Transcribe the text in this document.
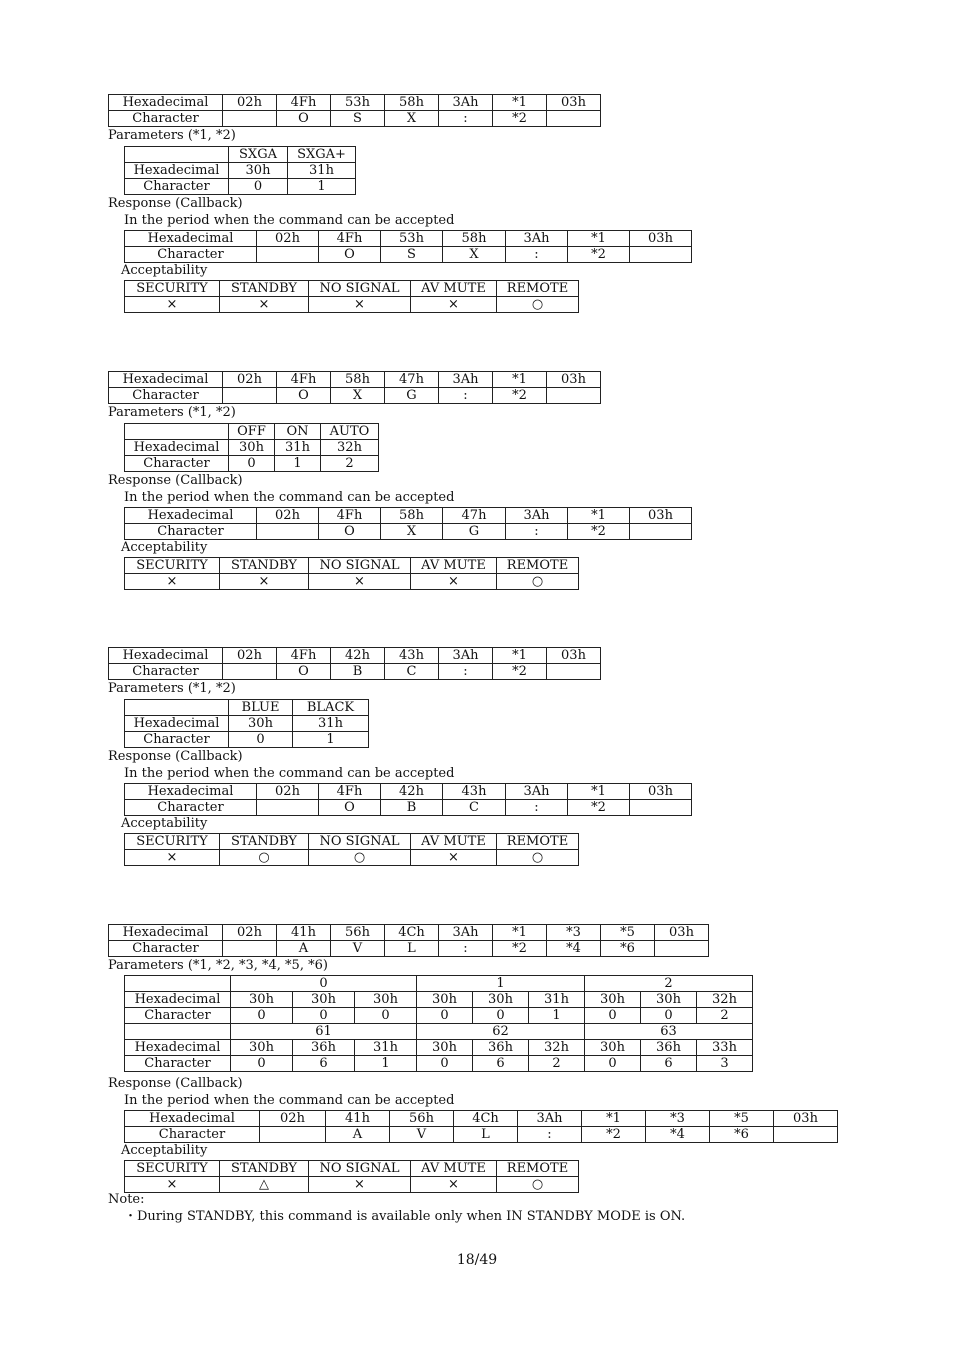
Hexadecimal	02h	4Fh	53h	58h	3Ah	*1	03h
Character		O	S	X	:	*2	
Parameters (*1, *2)
	SXGA	SXGA+
Hexadecimal	30h	31h
Character	0	1
Response (Callback)
In the period when the command can be accepted
Hexadecimal	02h	4Fh	53h	58h	3Ah	*1	03h
Character		O	S	X	:	*2	
Acceptability
SECURITY	STANDBY	NO SIGNAL	AV MUTE	REMOTE
×	×	×	×	○
Hexadecimal	02h	4Fh	58h	47h	3Ah	*1	03h
Character		O	X	G	:	*2	
Parameters (*1, *2)
	OFF	ON	AUTO
Hexadecimal	30h	31h	32h
Character	0	1	2
Response (Callback)
In the period when the command can be accepted
Hexadecimal	02h	4Fh	58h	47h	3Ah	*1	03h
Character		O	X	G	:	*2	
Acceptability
SECURITY	STANDBY	NO SIGNAL	AV MUTE	REMOTE
×	×	×	×	○
Hexadecimal	02h	4Fh	42h	43h	3Ah	*1	03h
Character		O	B	C	:	*2	
Parameters (*1, *2)
	BLUE	BLACK
Hexadecimal	30h	31h
Character	0	1
Response (Callback)
In the period when the command can be accepted
Hexadecimal	02h	4Fh	42h	43h	3Ah	*1	03h
Character		O	B	C	:	*2	
Acceptability
SECURITY	STANDBY	NO SIGNAL	AV MUTE	REMOTE
×	○	○	×	○
Hexadecimal	02h	41h	56h	4Ch	3Ah	*1	*3	*5	03h
Character		A	V	L	:	*2	*4	*6	
Parameters (*1, *2, *3, *4, *5, *6)
	0			1			2		
Hexadecimal	30h	30h	30h	30h	30h	31h	30h	30h	32h
Character	0	0	0	0	0	1	0	0	2
	61			62			63		
Hexadecimal	30h	36h	31h	30h	36h	32h	30h	36h	33h
Character	0	6	1	0	6	2	0	6	3
Response (Callback)
In the period when the command can be accepted
Hexadecimal	02h	41h	56h	4Ch	3Ah	*1	*3	*5	03h
Character		A	V	L	:	*2	*4	*6	
Acceptability
SECURITY	STANDBY	NO SIGNAL	AV MUTE	REMOTE
×	△	×	×	○
Note:
・During STANDBY, this command is available only when IN STANDBY MODE is ON.
18/49
